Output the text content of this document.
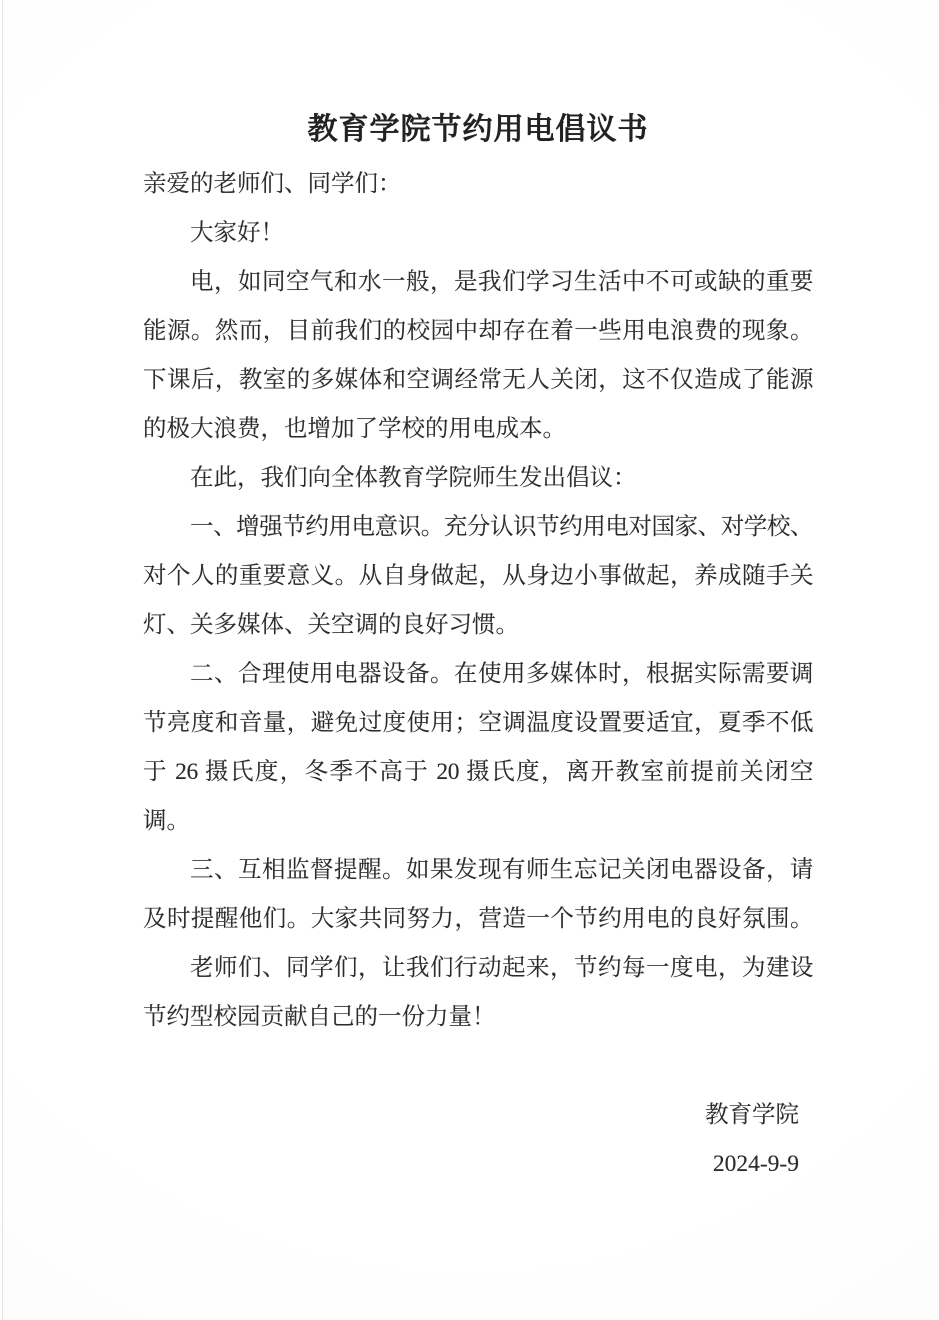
教育学院节约用电倡议书
亲爱的老师们、同学们：
大家好！
电，如同空气和水一般，是我们学习生活中不可或缺的重要
能源。然而，目前我们的校园中却存在着一些用电浪费的现象。
下课后，教室的多媒体和空调经常无人关闭，这不仅造成了能源
的极大浪费，也增加了学校的用电成本。
在此，我们向全体教育学院师生发出倡议：
一、增强节约用电意识。充分认识节约用电对国家、对学校、
对个人的重要意义。从自身做起，从身边小事做起，养成随手关
灯、关多媒体、关空调的良好习惯。
二、合理使用电器设备。在使用多媒体时，根据实际需要调
节亮度和音量，避免过度使用；空调温度设置要适宜，夏季不低
于 26 摄氏度，冬季不高于 20 摄氏度，离开教室前提前关闭空
调。
三、互相监督提醒。如果发现有师生忘记关闭电器设备，请
及时提醒他们。大家共同努力，营造一个节约用电的良好氛围。
老师们、同学们，让我们行动起来，节约每一度电，为建设
节约型校园贡献自己的一份力量！
教育学院
2024-9-9
